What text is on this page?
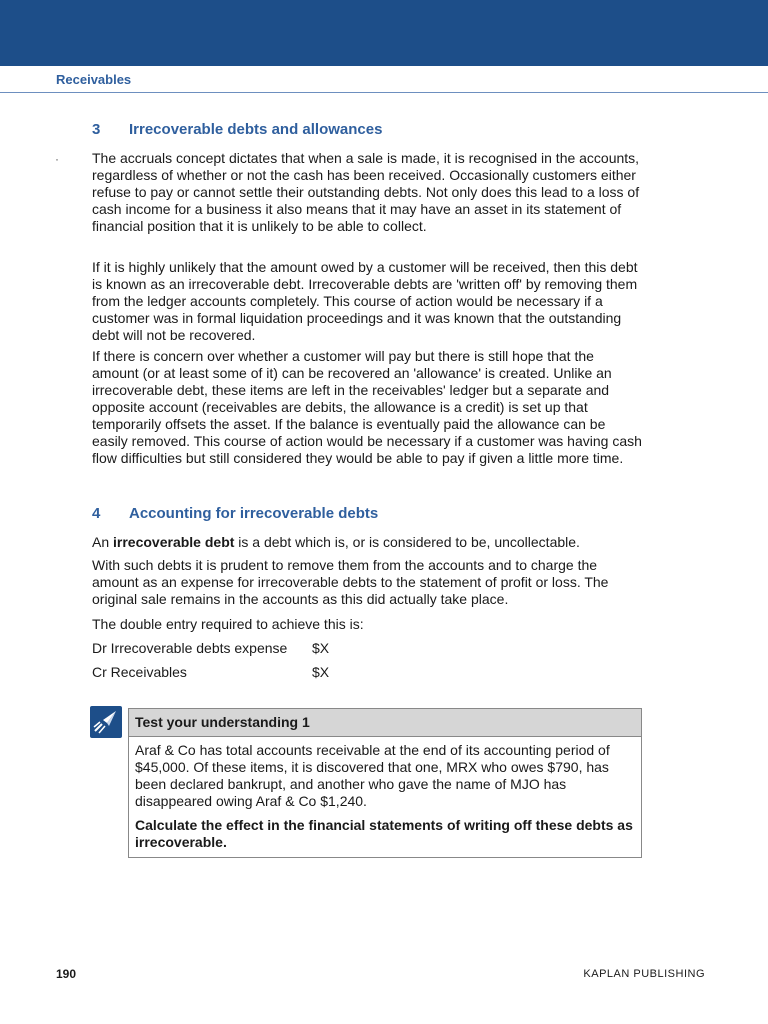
Receivables
3 Irrecoverable debts and allowances
· The accruals concept dictates that when a sale is made, it is recognised in the accounts, regardless of whether or not the cash has been received. Occasionally customers either refuse to pay or cannot settle their outstanding debts. Not only does this lead to a loss of cash income for a business it also means that it may have an asset in its statement of financial position that it is unlikely to be able to collect.

If it is highly unlikely that the amount owed by a customer will be received, then this debt is known as an irrecoverable debt. Irrecoverable debts are 'written off' by removing them from the ledger accounts completely. This course of action would be necessary if a customer was in formal liquidation proceedings and it was known that the outstanding debt will not be recovered.

If there is concern over whether a customer will pay but there is still hope that the amount (or at least some of it) can be recovered an 'allowance' is created. Unlike an irrecoverable debt, these items are left in the receivables' ledger but a separate and opposite account (receivables are debits, the allowance is a credit) is set up that temporarily offsets the asset. If the balance is eventually paid the allowance can be easily removed. This course of action would be necessary if a customer was having cash flow difficulties but still considered they would be able to pay if given a little more time.

4 Accounting for irrecoverable debts

An irrecoverable debt is a debt which is, or is considered to be, uncollectable.

With such debts it is prudent to remove them from the accounts and to charge the amount as an expense for irrecoverable debts to the statement of profit or loss. The original sale remains in the accounts as this did actually take place.

The double entry required to achieve this is:

Dr Irrecoverable debts expense $X
Cr Receivables	$X
Test your understanding 1

Araf & Co has total accounts receivable at the end of its accounting period of $45,000. Of these items, it is discovered that one, MRX who owes $790, has been declared bankrupt, and another who gave the name of MJO has disappeared owing Araf & Co $1,240.

Calculate the effect in the financial statements of writing off these debts as irrecoverable.

190	KAPLAN PUBLISHING
